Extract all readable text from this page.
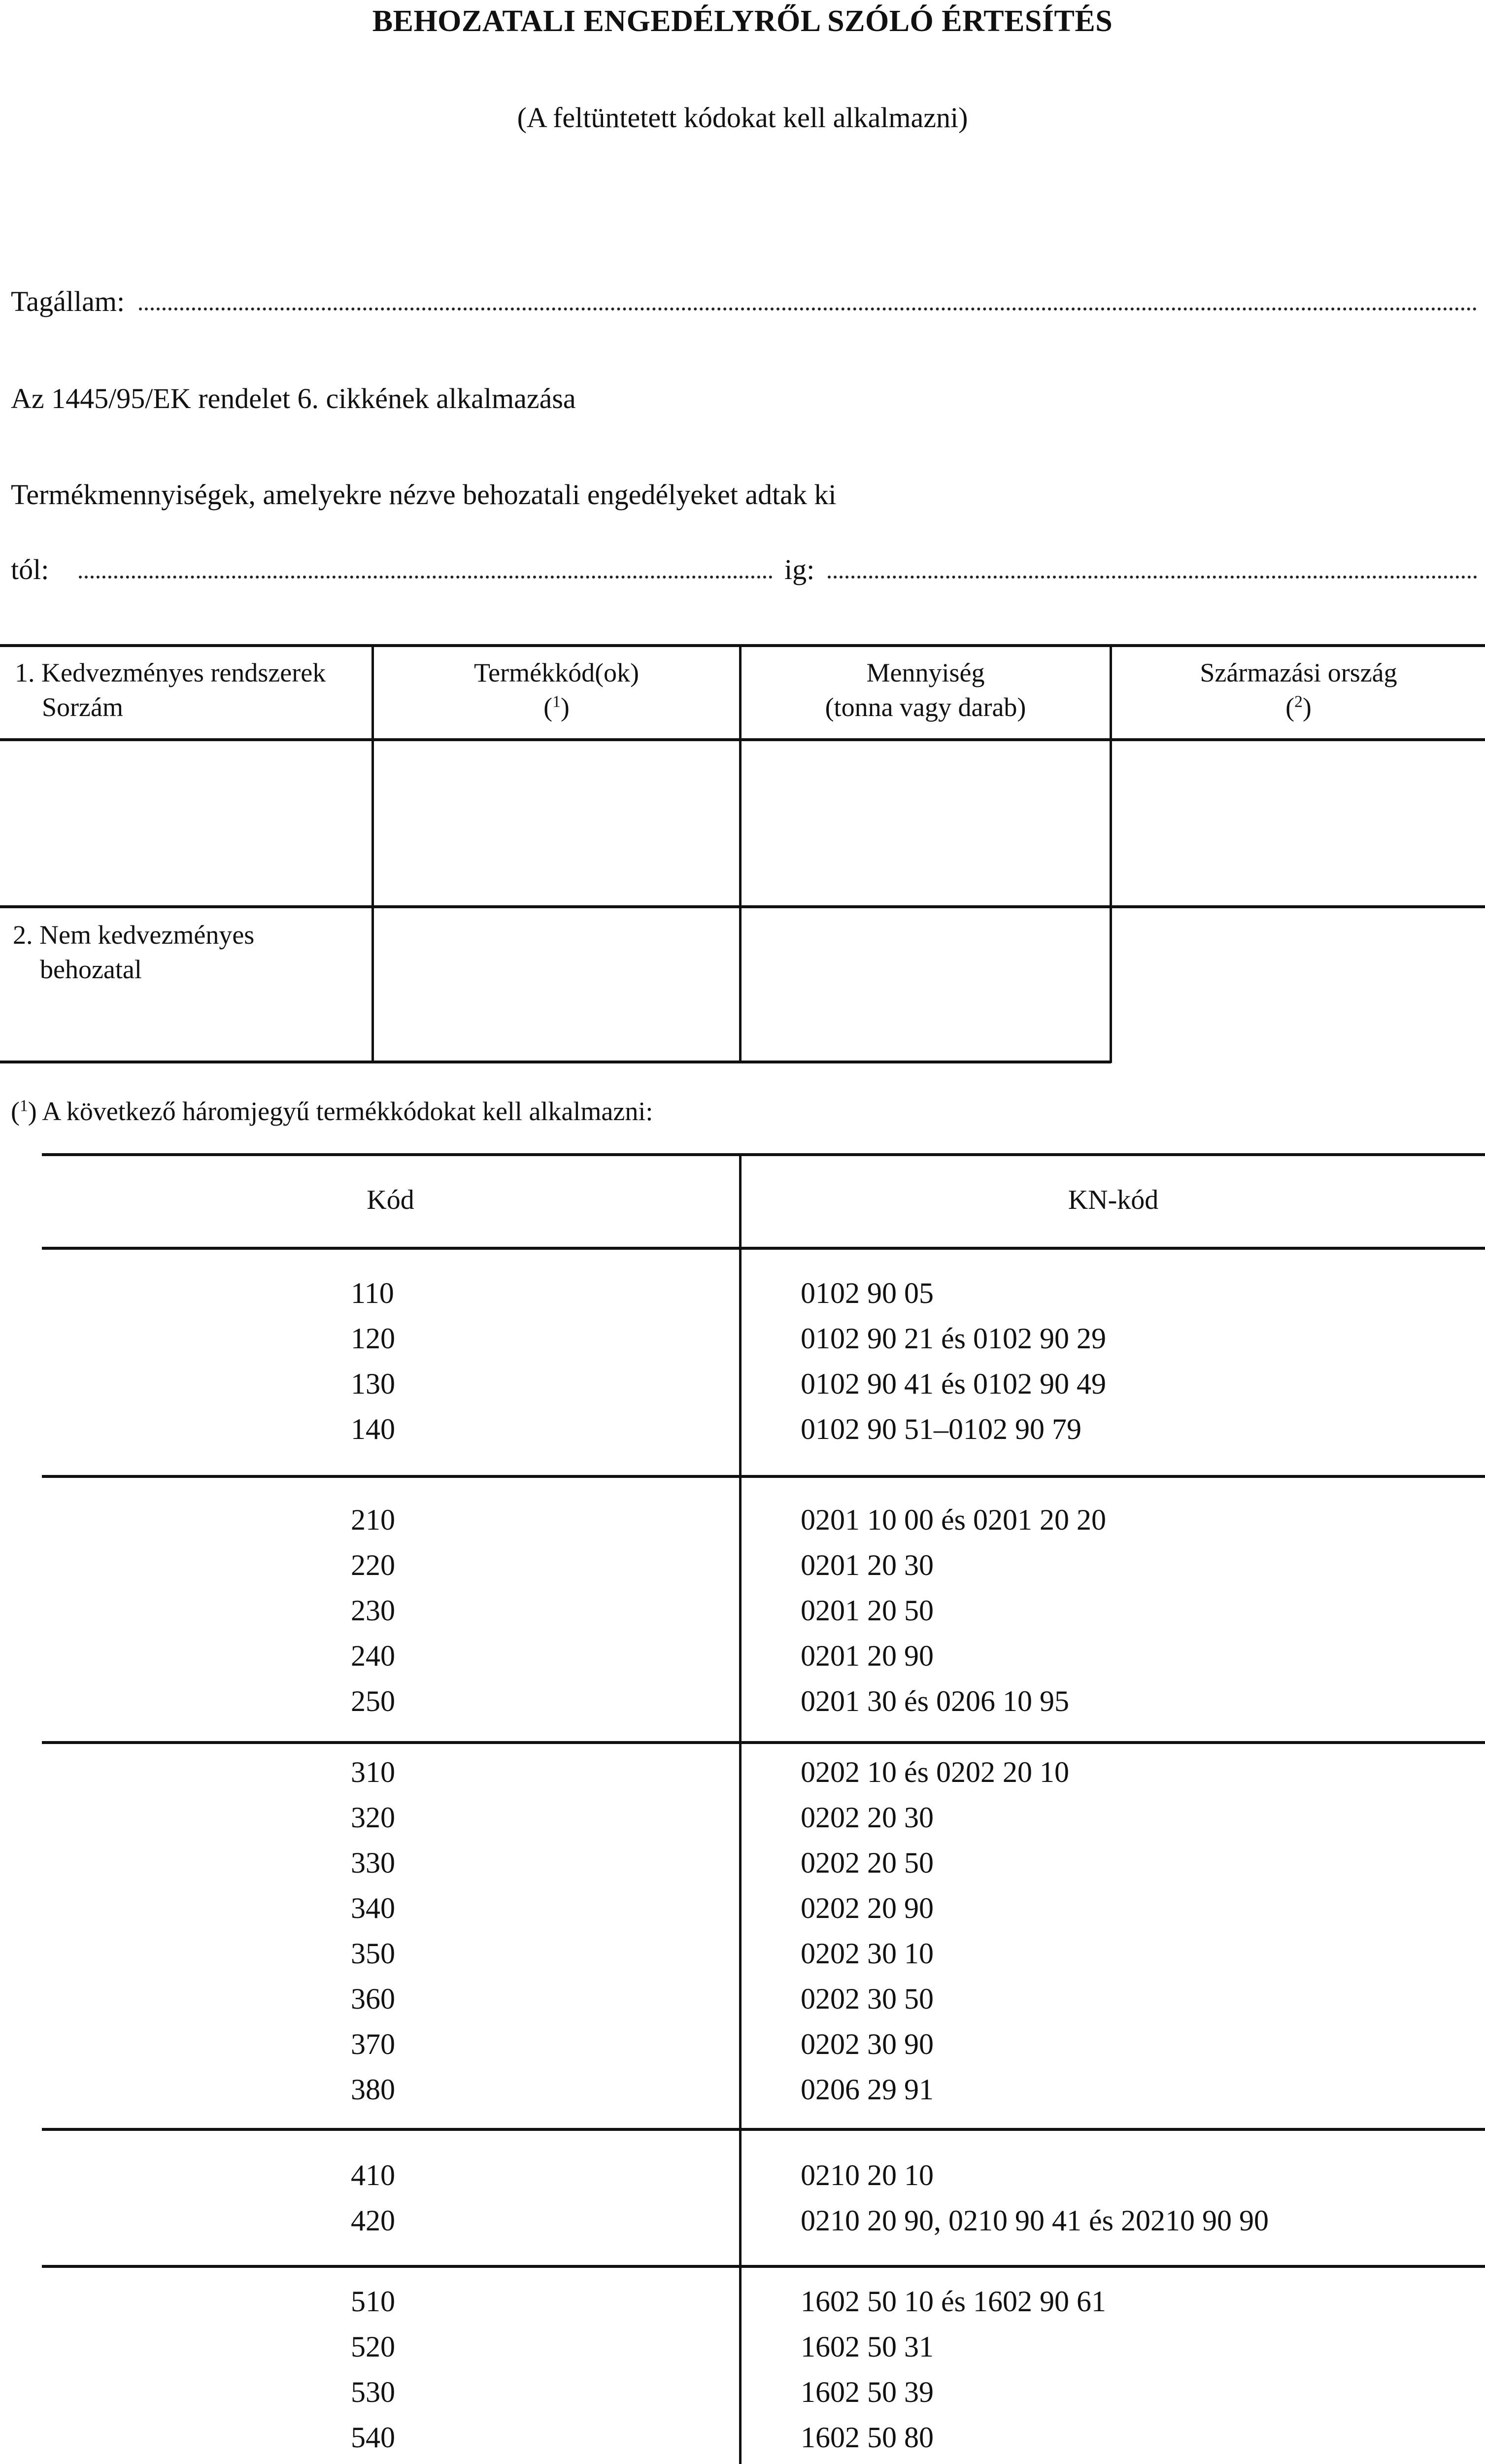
BEHOZATALI ENGEDÉLYRŐL SZÓLÓ ÉRTESÍTÉS
(A feltüntetett kódokat kell alkalmazni)
Tagállam:
Az 1445/95/EK rendelet 6. cikkének alkalmazása
Termékmennyiségek, amelyekre nézve behozatali engedélyeket adtak ki
tól:	ig:
1. Kedvezményes rendszerek
Sorzám
Termékkód(ok)
($^1$)
Mennyiség
(tonna vagy darab)
Származási ország
($^2$)
2. Nem kedvezményes
behozatal
($^1$) A következő háromjegyű termékkódokat kell alkalmazni:
Kód	KN-kód
110
120
130
140
0102 90 05
0102 90 21 és 0102 90 29
0102 90 41 és 0102 90 49
0102 90 51–0102 90 79
210
220
230
240
250
0201 10 00 és 0201 20 20
0201 20 30
0201 20 50
0201 20 90
0201 30 és 0206 10 95
310
320
330
340
350
360
370
380
0202 10 és 0202 20 10
0202 20 30
0202 20 50
0202 20 90
0202 30 10
0202 30 50
0202 30 90
0206 29 91
410
420
0210 20 10
0210 20 90, 0210 90 41 és 20210 90 90
510
520
530
540
1602 50 10 és 1602 90 61
1602 50 31
1602 50 39
1602 50 80
